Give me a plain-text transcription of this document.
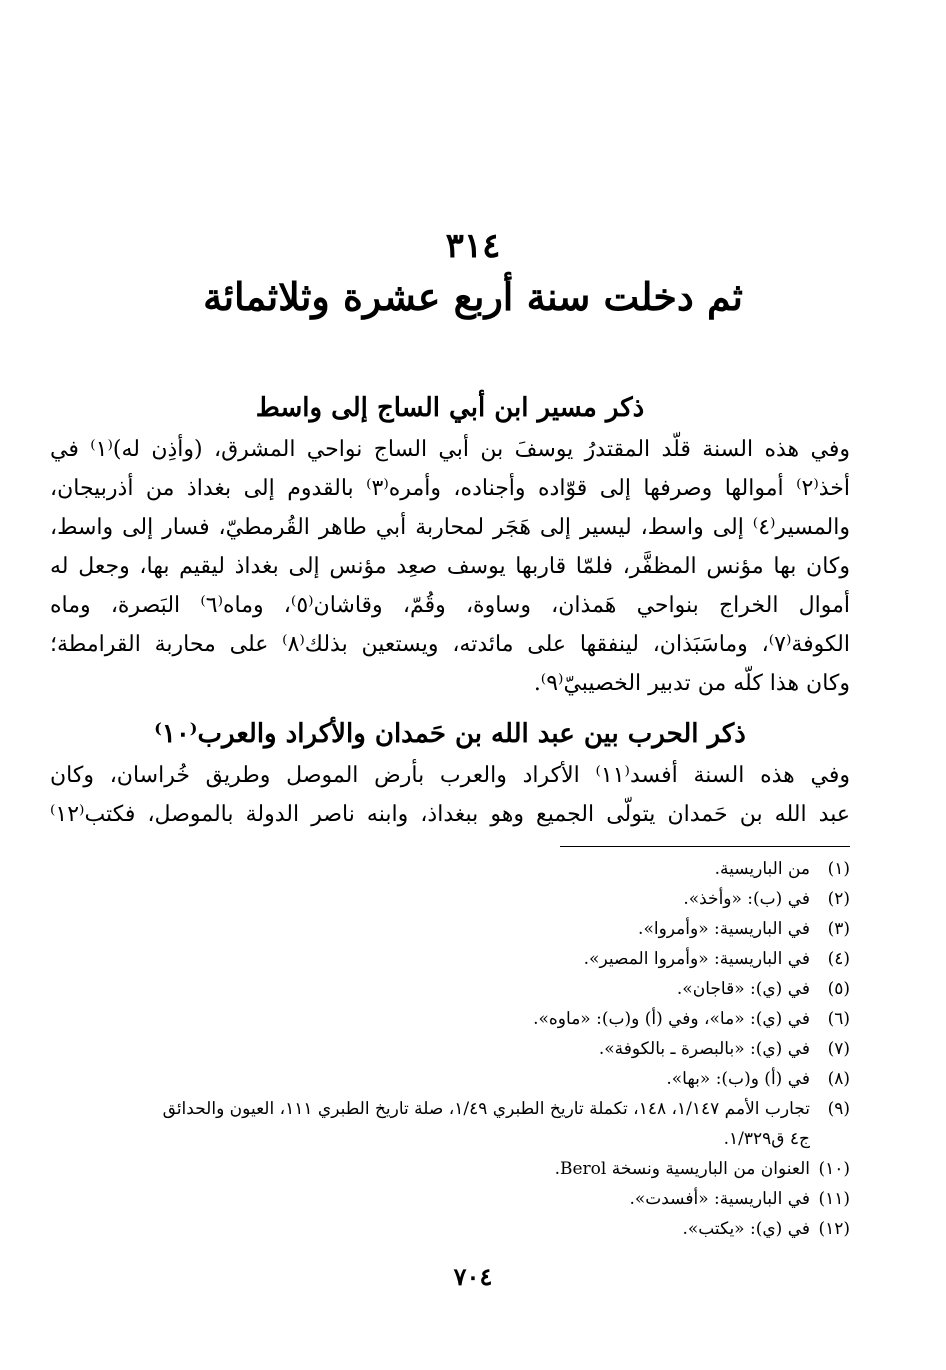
٣١٤
ثم دخلت سنة أربع عشرة وثلاثمائة
ذكر مسير ابن أبي الساج إلى واسط

وفي هذه السنة قلّد المقتدرُ يوسفَ بن أبي الساج نواحي المشرق، (وأذِن له)⁽١⁾ في
أخذ⁽٢⁾ أموالها وصرفها إلى قوّاده وأجناده، وأمره⁽٣⁾ بالقدوم إلى بغداذ من أذربيجان،
والمسير⁽٤⁾ إلى واسط، ليسير إلى هَجَر لمحاربة أبي طاهر القُرمطيّ، فسار إلى واسط،
وكان بها مؤنس المظفَّر، فلمّا قاربها يوسف صعِد مؤنس إلى بغداذ ليقيم بها، وجعل له
أموال الخراج بنواحي هَمذان، وساوة، وقُمّ، وقاشان⁽٥⁾، وماه⁽٦⁾ البَصرة، وماه
الكوفة⁽٧⁾، وماسَبَذان، لينفقها على مائدته، ويستعين بذلك⁽٨⁾ على محاربة القرامطة؛
وكان هذا كلّه من تدبير الخصيبيّ⁽٩⁾.

ذكر الحرب بين عبد الله بن حَمدان والأكراد والعرب⁽١٠⁾

وفي هذه السنة أفسد⁽١١⁾ الأكراد والعرب بأرض الموصل وطريق خُراسان، وكان
عبد الله بن حَمدان يتولّى الجميع وهو ببغداذ، وابنه ناصر الدولة بالموصل، فكتب⁽١٢⁾

(١)
من الباريسية.
(٢)
في (ب): «وأخذ».
(٣)
في الباريسية: «وأمروا».
(٤)
في الباريسية: «وأمروا المصير».
(٥)
في (ي): «قاجان».
(٦)
في (ي): «ما»، وفي (أ) و(ب): «ماوه».
(٧)
في (ي): «بالبصرة ـ بالكوفة».
(٨)
في (أ) و(ب): «بها».
(٩)
تجارب الأمم ١/١٤٧، ١٤٨، تكملة تاريخ الطبري ١/٤٩، صلة تاريخ الطبري ١١١، العيون والحدائق
ج٤ ق١/٣٢٩.
(١٠)
العنوان من الباريسية ونسخة Berol.
(١١)
في الباريسية: «أفسدت».
(١٢)
في (ي): «يكتب».
٧٠٤
